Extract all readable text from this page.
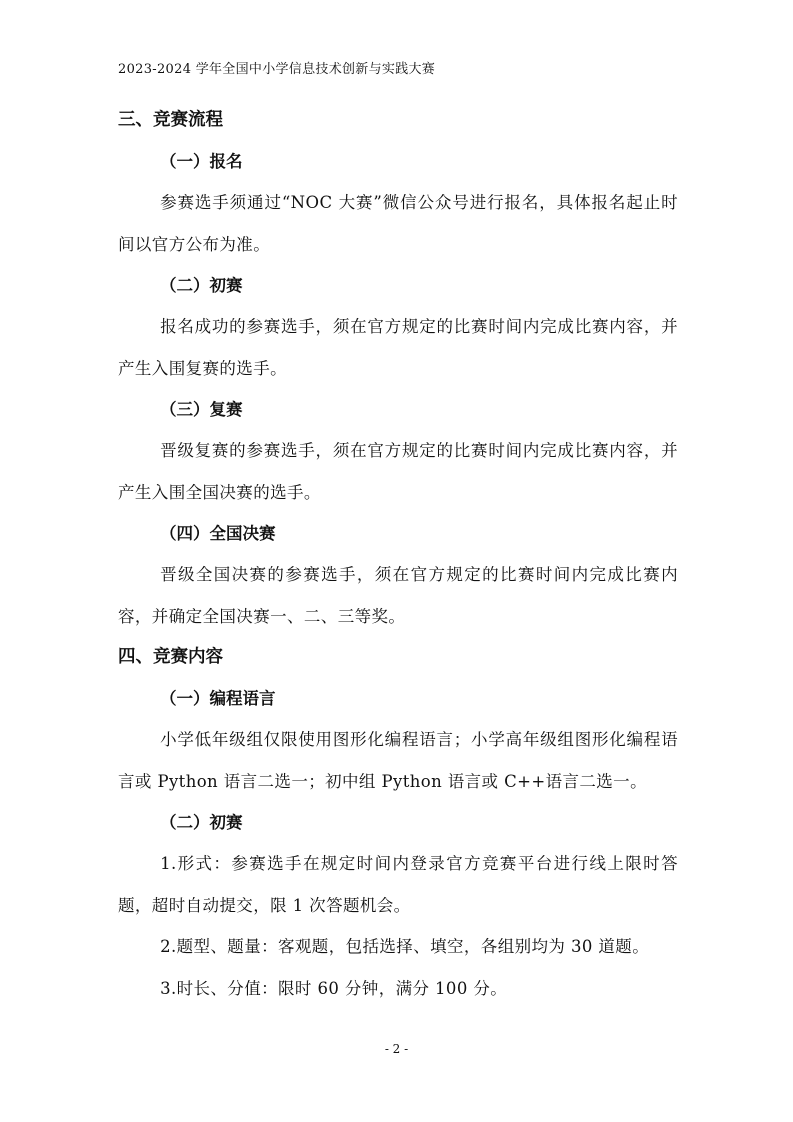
2023-2024 学年全国中小学信息技术创新与实践大赛
三、竞赛流程
（一）报名

参赛选手须通过“NOC 大赛”微信公众号进行报名，具体报名起止时间以官方公布为准。

（二）初赛

报名成功的参赛选手，须在官方规定的比赛时间内完成比赛内容，并产生入围复赛的选手。

（三）复赛

晋级复赛的参赛选手，须在官方规定的比赛时间内完成比赛内容，并产生入围全国决赛的选手。

（四）全国决赛

晋级全国决赛的参赛选手，须在官方规定的比赛时间内完成比赛内容，并确定全国决赛一、二、三等奖。

四、竞赛内容
（一）编程语言

小学低年级组仅限使用图形化编程语言；小学高年级组图形化编程语言或 Python 语言二选一；初中组 Python 语言或 C++语言二选一。

（二）初赛

1.形式：参赛选手在规定时间内登录官方竞赛平台进行线上限时答题，超时自动提交，限 1 次答题机会。

2.题型、题量：客观题，包括选择、填空，各组别均为 30 道题。

3.时长、分值：限时 60 分钟，满分 100 分。

- 2 -
